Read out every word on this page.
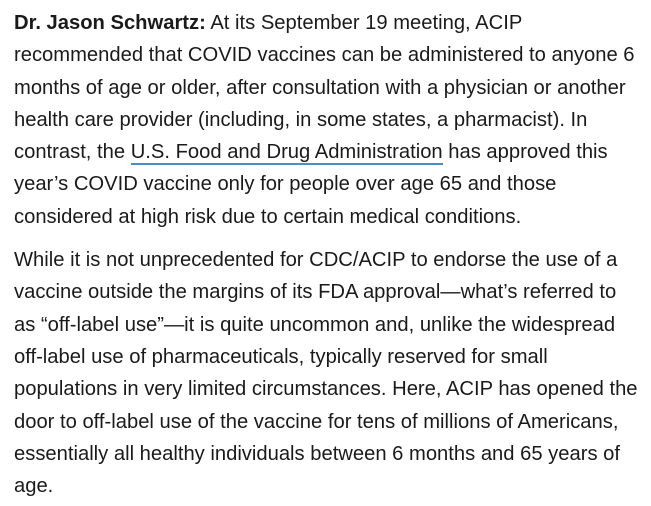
Dr. Jason Schwartz: At its September 19 meeting, ACIP recommended that COVID vaccines can be administered to anyone 6 months of age or older, after consultation with a physician or another health care provider (including, in some states, a pharmacist). In contrast, the U.S. Food and Drug Administration has approved this year’s COVID vaccine only for people over age 65 and those considered at high risk due to certain medical conditions.

While it is not unprecedented for CDC/ACIP to endorse the use of a vaccine outside the margins of its FDA approval—what’s referred to as “off-label use”—it is quite uncommon and, unlike the widespread off-label use of pharmaceuticals, typically reserved for small populations in very limited circumstances. Here, ACIP has opened the door to off-label use of the vaccine for tens of millions of Americans, essentially all healthy individuals between 6 months and 65 years of age.
